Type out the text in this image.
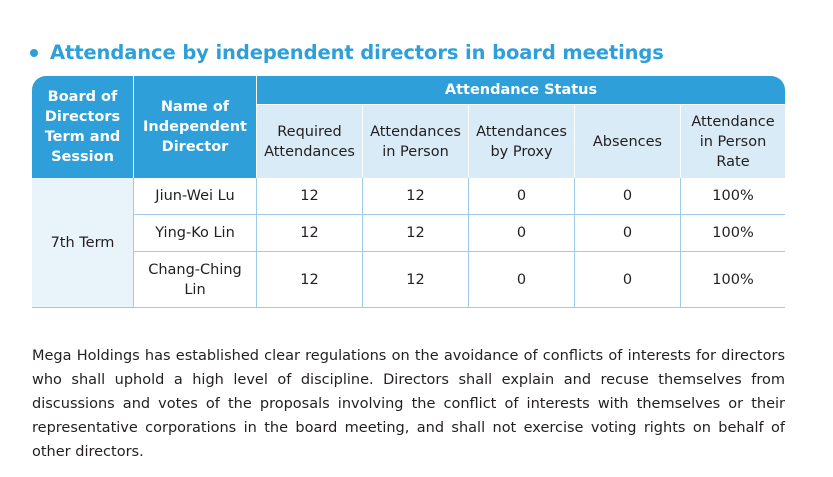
Attendance by independent directors in board meetings
Board of Directors Term and Session	Name of Independent Director	Attendance Status				
		Required Attendances	Attendances in Person	Attendances by Proxy	Absences	Attendance in Person Rate
7th Term	Jiun-Wei Lu	12	12	0	0	100%
	Ying-Ko Lin	12	12	0	0	100%
	Chang-Ching Lin	12	12	0	0	100%

Mega Holdings has established clear regulations on the avoidance of conflicts of interests for directors who shall uphold a high level of discipline. Directors shall explain and recuse themselves from discussions and votes of the proposals involving the conflict of interests with themselves or their representative corporations in the board meeting, and shall not exercise voting rights on behalf of other directors.
